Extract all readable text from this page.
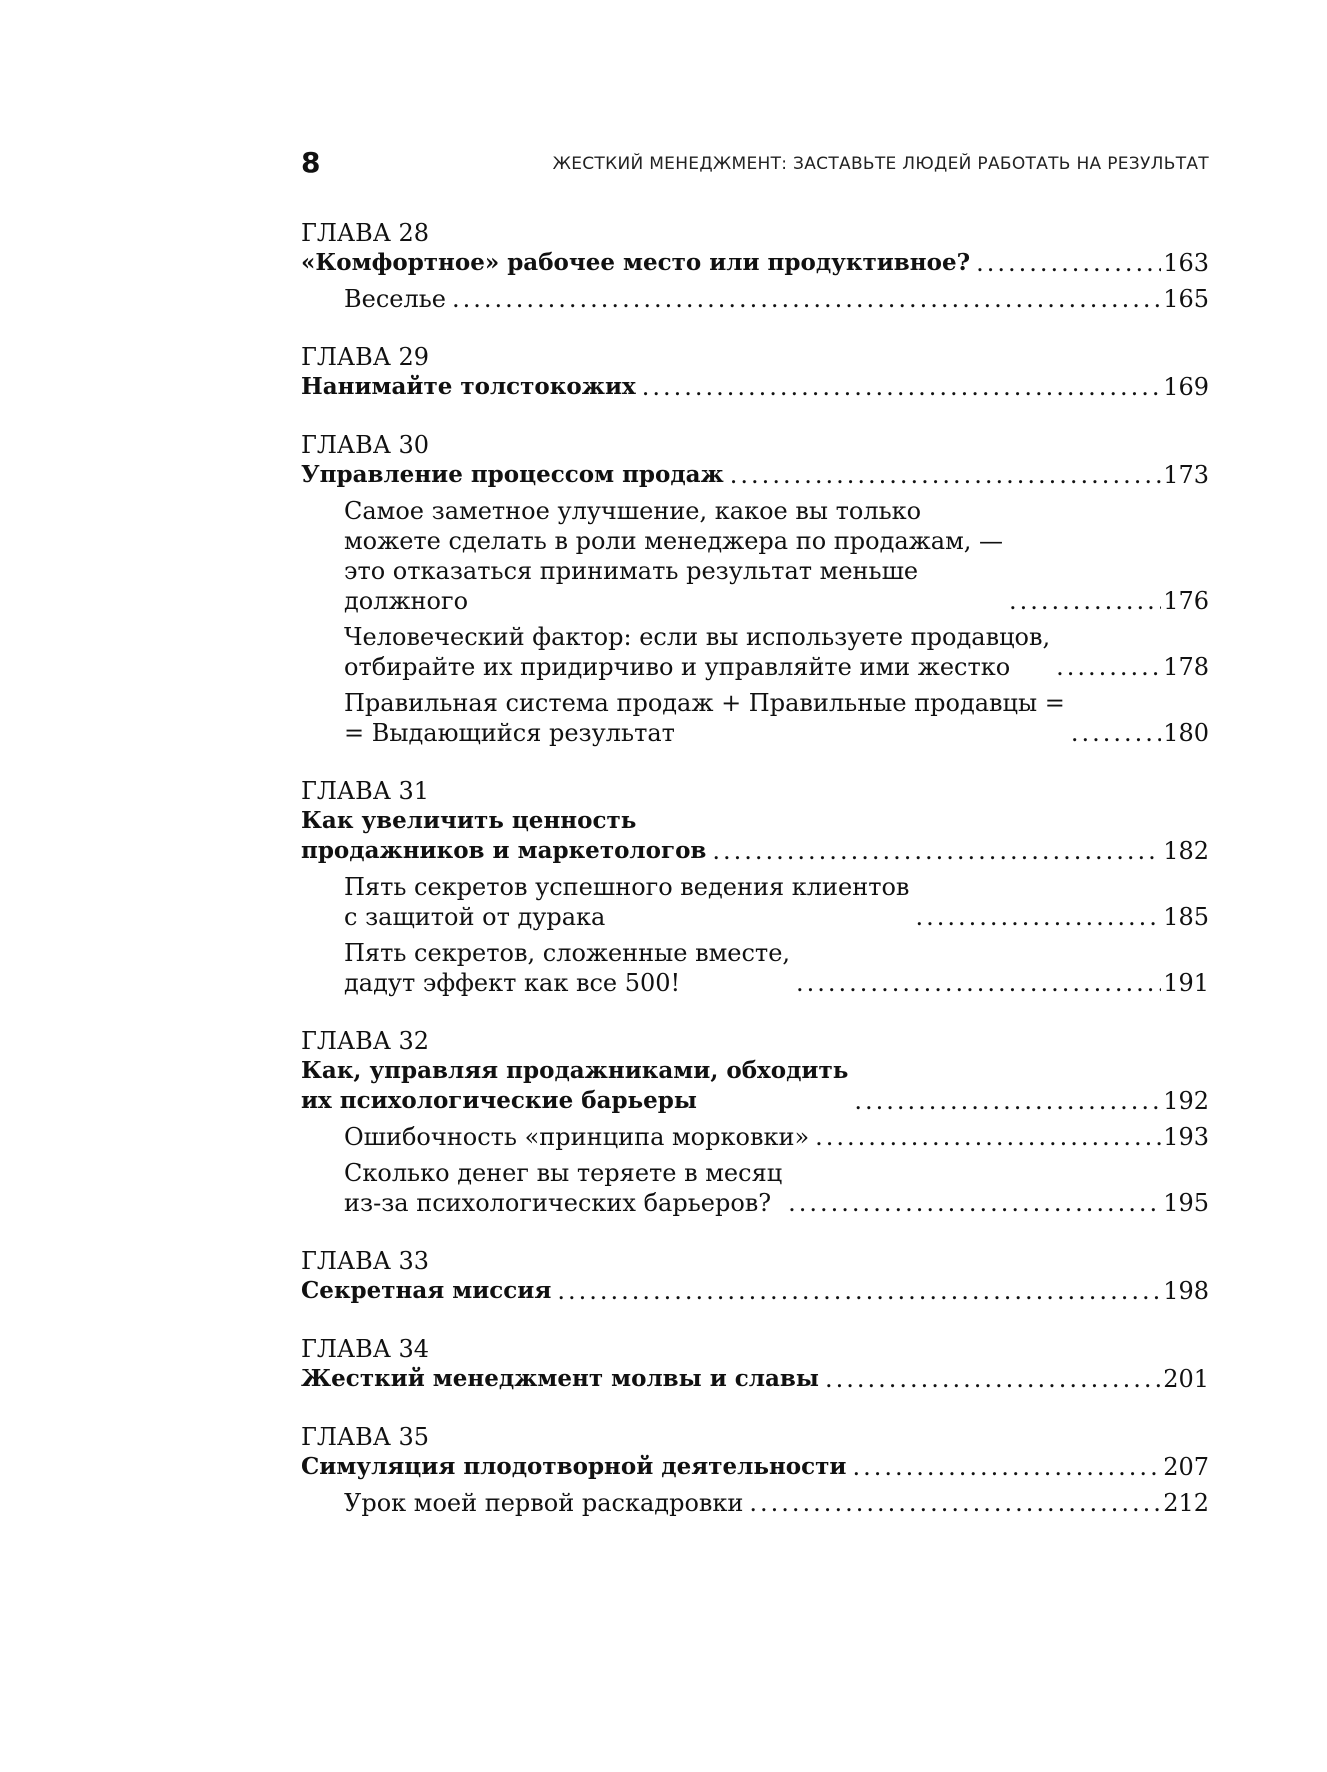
8	ЖЕСТКИЙ МЕНЕДЖМЕНТ: ЗАСТАВЬТЕ ЛЮДЕЙ РАБОТАТЬ НА РЕЗУЛЬТАТ
ГЛАВА 28
«Комфортное» рабочее место или продуктивное? .....	163
Веселье .....	165
ГЛАВА 29
Нанимайте толстокожих .....	169
ГЛАВА 30
Управление процессом продаж .....	173
Самое заметное улучшение, какое вы только
можете сделать в роли менеджера по продажам, —
это отказаться принимать результат меньше
должного .....	176
Человеческий фактор: если вы используете продавцов,
отбирайте их придирчиво и управляйте ими жестко .....	178
Правильная система продаж + Правильные продавцы =
= Выдающийся результат .....	180
ГЛАВА 31
Как увеличить ценность
продажников и маркетологов .....	182
Пять секретов успешного ведения клиентов
с защитой от дурака .....	185
Пять секретов, сложенные вместе,
дадут эффект как все 500! .....	191
ГЛАВА 32
Как, управляя продажниками, обходить
их психологические барьеры .....	192
Ошибочность «принципа морковки» .....	193
Сколько денег вы теряете в месяц
из-за психологических барьеров? .....	195
ГЛАВА 33
Секретная миссия .....	198
ГЛАВА 34
Жесткий менеджмент молвы и славы .....	201
ГЛАВА 35
Симуляция плодотворной деятельности .....	207
Урок моей первой раскадровки .....	212
